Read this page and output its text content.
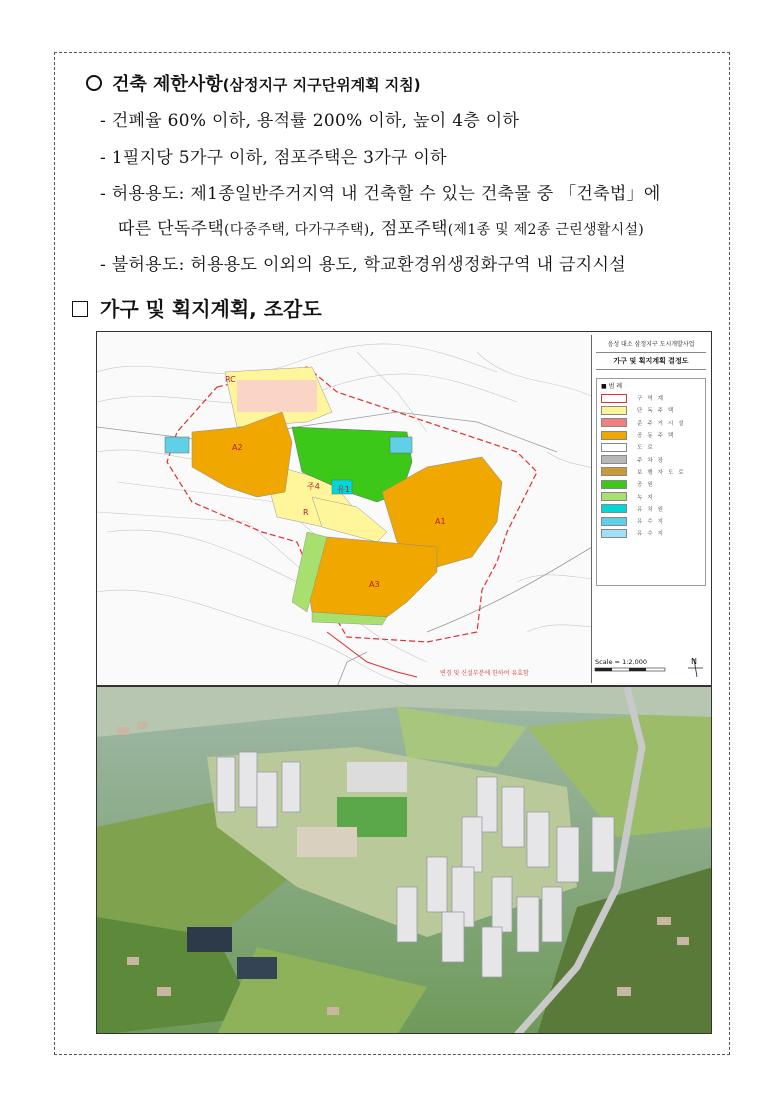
건축 제한사항(삼정지구 지구단위계획 지침)
- 건폐율 60% 이하, 용적률 200% 이하, 높이 4층 이하
- 1필지당 5가구 이하, 점포주택은 3가구 이하
- 허용용도: 제1종일반주거지역 내 건축할 수 있는 건축물 중 「건축법」에
따른 단독주택(다중주택, 다가구주택), 점포주택(제1종 및 제2종 근린생활시설)
- 불허용도: 허용용도 이외의 용도, 학교환경위생정화구역 내 금지시설
가구 및 획지계획, 조감도
A1
A2
A3
RC
주4 유1
R
음성 대소 삼정지구 도시개발사업
가구 및 획지계획 결정도
■ 범 례
구역계
단독주택
준주거시설
공동주택
도로
주차장
보행자도로
공원
녹지
유치원
유수지
유수지
Scale = 1:2,000	N
변경 및 신설부분에 한하여 유효함
